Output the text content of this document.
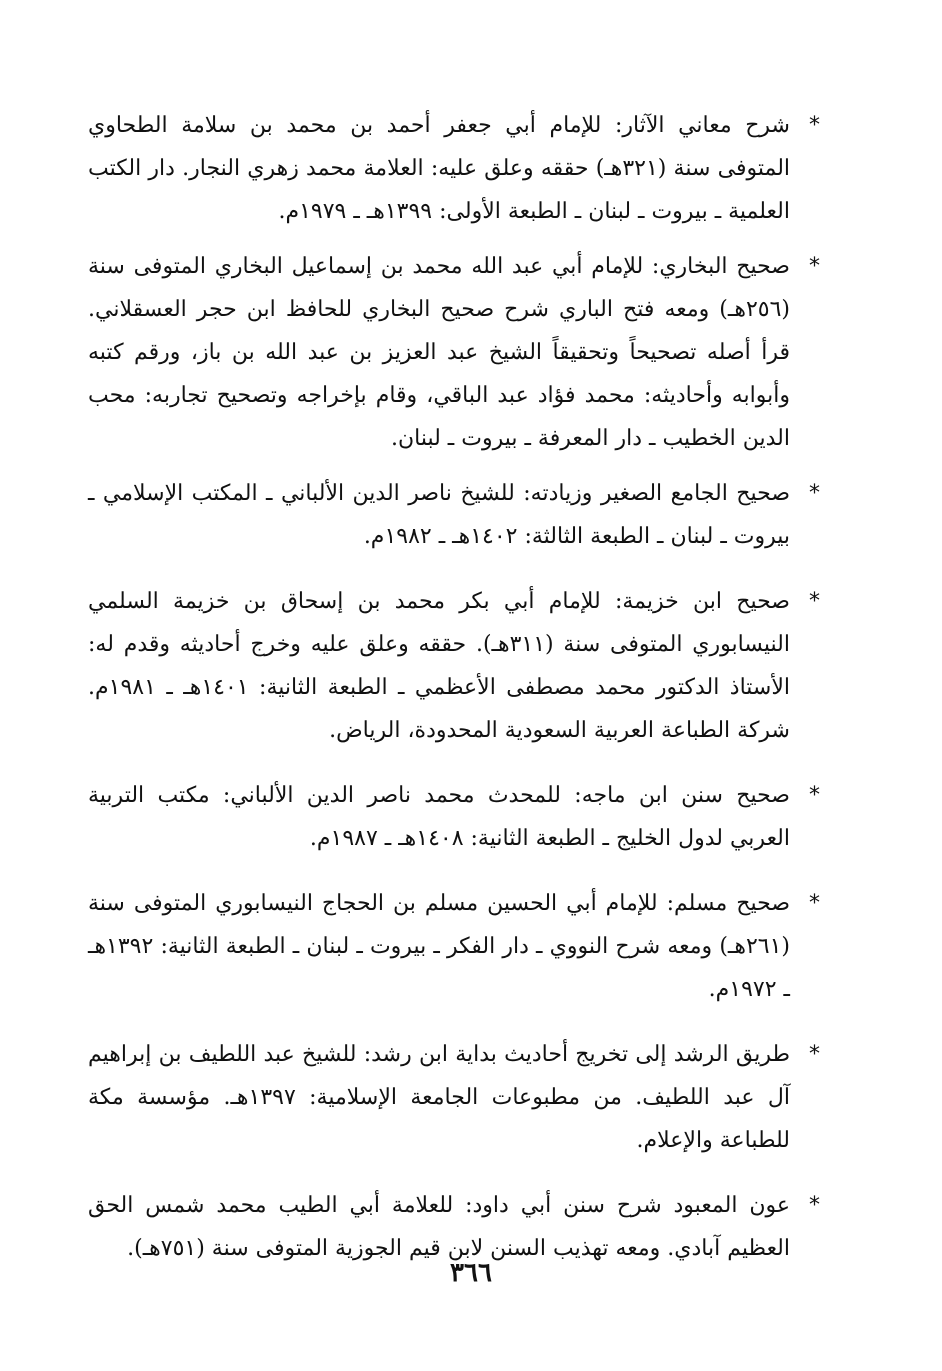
*
شرح معاني الآثار: للإمام أبي جعفر أحمد بن محمد بن سلامة الطحاوي المتوفى سنة (٣٢١هـ) حققه وعلق عليه: العلامة محمد زهري النجار. دار الكتب العلمية ـ بيروت ـ لبنان ـ الطبعة الأولى: ١٣٩٩هـ ـ ١٩٧٩م.
*
صحيح البخاري: للإمام أبي عبد الله محمد بن إسماعيل البخاري المتوفى سنة (٢٥٦هـ) ومعه فتح الباري شرح صحيح البخاري للحافظ ابن حجر العسقلاني. قرأ أصله تصحيحاً وتحقيقاً الشيخ عبد العزيز بن عبد الله بن باز، ورقم كتبه وأبوابه وأحاديثه: محمد فؤاد عبد الباقي، وقام بإخراجه وتصحيح تجاربه: محب الدين الخطيب ـ دار المعرفة ـ بيروت ـ لبنان.
*
صحيح الجامع الصغير وزيادته: للشيخ ناصر الدين الألباني ـ المكتب الإسلامي ـ بيروت ـ لبنان ـ الطبعة الثالثة: ١٤٠٢هـ ـ ١٩٨٢م.
*
صحيح ابن خزيمة: للإمام أبي بكر محمد بن إسحاق بن خزيمة السلمي النيسابوري المتوفى سنة (٣١١هـ). حققه وعلق عليه وخرج أحاديثه وقدم له: الأستاذ الدكتور محمد مصطفى الأعظمي ـ الطبعة الثانية: ١٤٠١هـ ـ ١٩٨١م. شركة الطباعة العربية السعودية المحدودة، الرياض.
*
صحيح سنن ابن ماجه: للمحدث محمد ناصر الدين الألباني: مكتب التربية العربي لدول الخليج ـ الطبعة الثانية: ١٤٠٨هـ ـ ١٩٨٧م.
*
صحيح مسلم: للإمام أبي الحسين مسلم بن الحجاج النيسابوري المتوفى سنة (٢٦١هـ) ومعه شرح النووي ـ دار الفكر ـ بيروت ـ لبنان ـ الطبعة الثانية: ١٣٩٢هـ ـ ١٩٧٢م.
*
طريق الرشد إلى تخريج أحاديث بداية ابن رشد: للشيخ عبد اللطيف بن إبراهيم آل عبد اللطيف. من مطبوعات الجامعة الإسلامية: ١٣٩٧هـ. مؤسسة مكة للطباعة والإعلام.
*
عون المعبود شرح سنن أبي داود: للعلامة أبي الطيب محمد شمس الحق العظيم آبادي. ومعه تهذيب السنن لابن قيم الجوزية المتوفى سنة (٧٥١هـ).
٣٦٦
